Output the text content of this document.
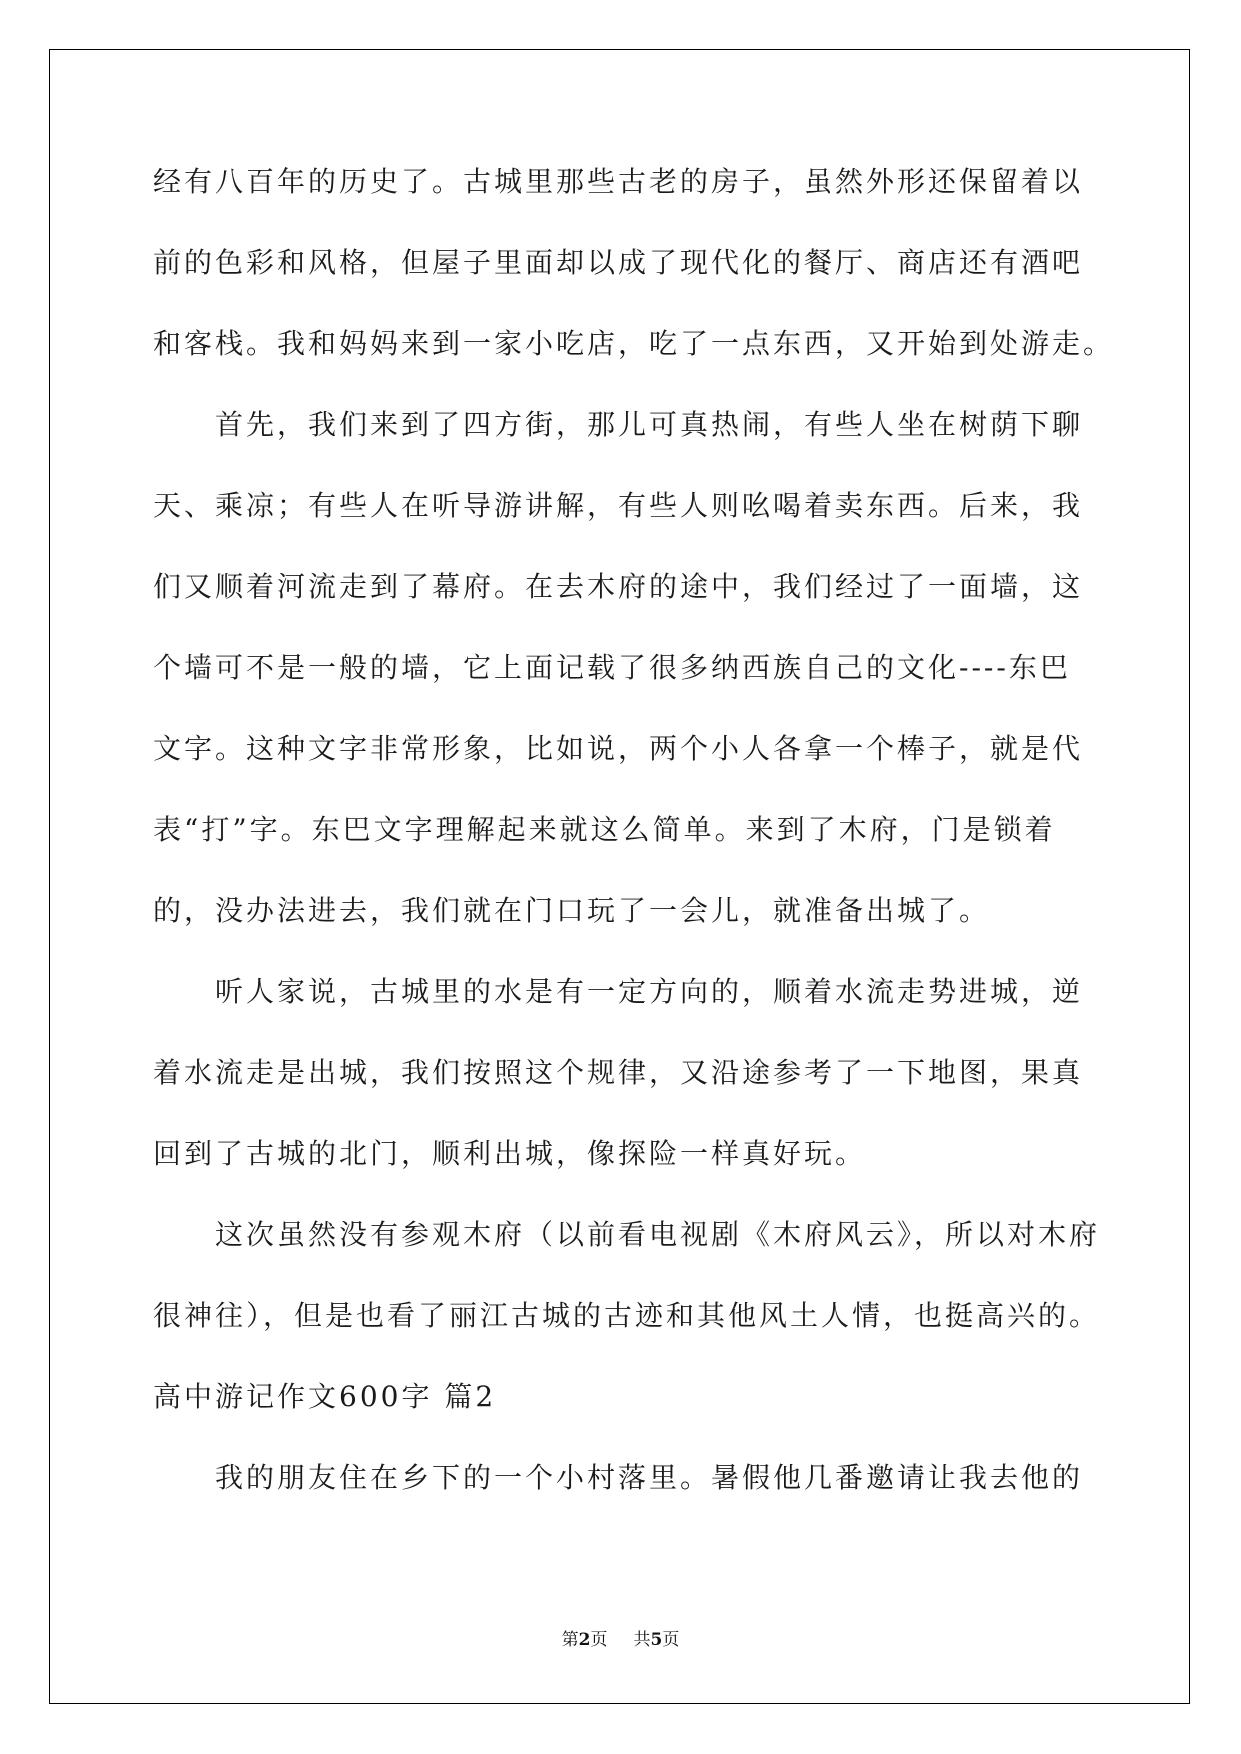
经有八百年的历史了。古城里那些古老的房子，虽然外形还保留着以
前的色彩和风格，但屋子里面却以成了现代化的餐厅、商店还有酒吧
和客栈。我和妈妈来到一家小吃店，吃了一点东西，又开始到处游走。
首先，我们来到了四方街，那儿可真热闹，有些人坐在树荫下聊
天、乘凉；有些人在听导游讲解，有些人则吆喝着卖东西。后来，我
们又顺着河流走到了幕府。在去木府的途中，我们经过了一面墙，这
个墙可不是一般的墙，它上面记载了很多纳西族自己的文化----东巴
文字。这种文字非常形象，比如说，两个小人各拿一个棒子，就是代
表“打”字。东巴文字理解起来就这么简单。来到了木府，门是锁着
的，没办法进去，我们就在门口玩了一会儿，就准备出城了。
听人家说，古城里的水是有一定方向的，顺着水流走势进城，逆
着水流走是出城，我们按照这个规律，又沿途参考了一下地图，果真
回到了古城的北门，顺利出城，像探险一样真好玩。
这次虽然没有参观木府（以前看电视剧《木府风云》，所以对木府
很神往），但是也看了丽江古城的古迹和其他风土人情，也挺高兴的。
高中游记作文600字 篇2
我的朋友住在乡下的一个小村落里。暑假他几番邀请让我去他的
第2页 共5页
